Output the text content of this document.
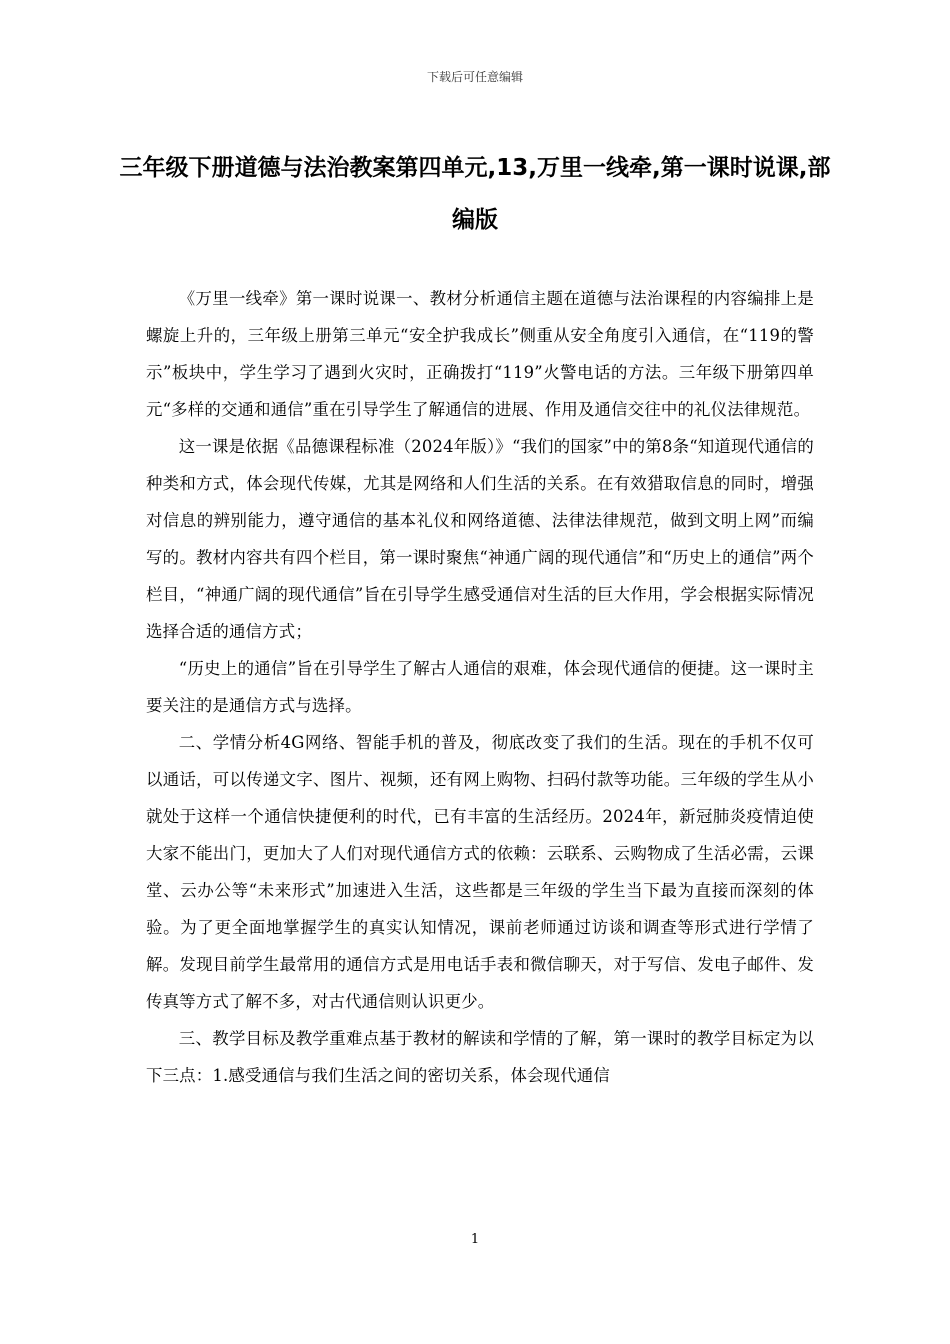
下载后可任意编辑
三年级下册道德与法治教案第四单元,13,万里一线牵,第一课时说课,部编版

《万里一线牵》第一课时说课一、教材分析通信主题在道德与法治课程的内容编排上是螺旋上升的，三年级上册第三单元“安全护我成长”侧重从安全角度引入通信，在“119的警示”板块中，学生学习了遇到火灾时，正确拨打“119”火警电话的方法。三年级下册第四单元“多样的交通和通信”重在引导学生了解通信的进展、作用及通信交往中的礼仪法律规范。

这一课是依据《品德课程标准（2024年版）》“我们的国家”中的第8条“知道现代通信的种类和方式，体会现代传媒，尤其是网络和人们生活的关系。在有效猎取信息的同时，增强对信息的辨别能力，遵守通信的基本礼仪和网络道德、法律法律规范，做到文明上网”而编写的。教材内容共有四个栏目，第一课时聚焦“神通广阔的现代通信”和“历史上的通信”两个栏目，“神通广阔的现代通信”旨在引导学生感受通信对生活的巨大作用，学会根据实际情况选择合适的通信方式；

“历史上的通信”旨在引导学生了解古人通信的艰难，体会现代通信的便捷。这一课时主要关注的是通信方式与选择。

二、学情分析4G网络、智能手机的普及，彻底改变了我们的生活。现在的手机不仅可以通话，可以传递文字、图片、视频，还有网上购物、扫码付款等功能。三年级的学生从小就处于这样一个通信快捷便利的时代，已有丰富的生活经历。2024年，新冠肺炎疫情迫使大家不能出门，更加大了人们对现代通信方式的依赖：云联系、云购物成了生活必需，云课堂、云办公等“未来形式”加速进入生活，这些都是三年级的学生当下最为直接而深刻的体验。为了更全面地掌握学生的真实认知情况，课前老师通过访谈和调查等形式进行学情了解。发现目前学生最常用的通信方式是用电话手表和微信聊天，对于写信、发电子邮件、发传真等方式了解不多，对古代通信则认识更少。

三、教学目标及教学重难点基于教材的解读和学情的了解，第一课时的教学目标定为以下三点：1.感受通信与我们生活之间的密切关系，体会现代通信

1
